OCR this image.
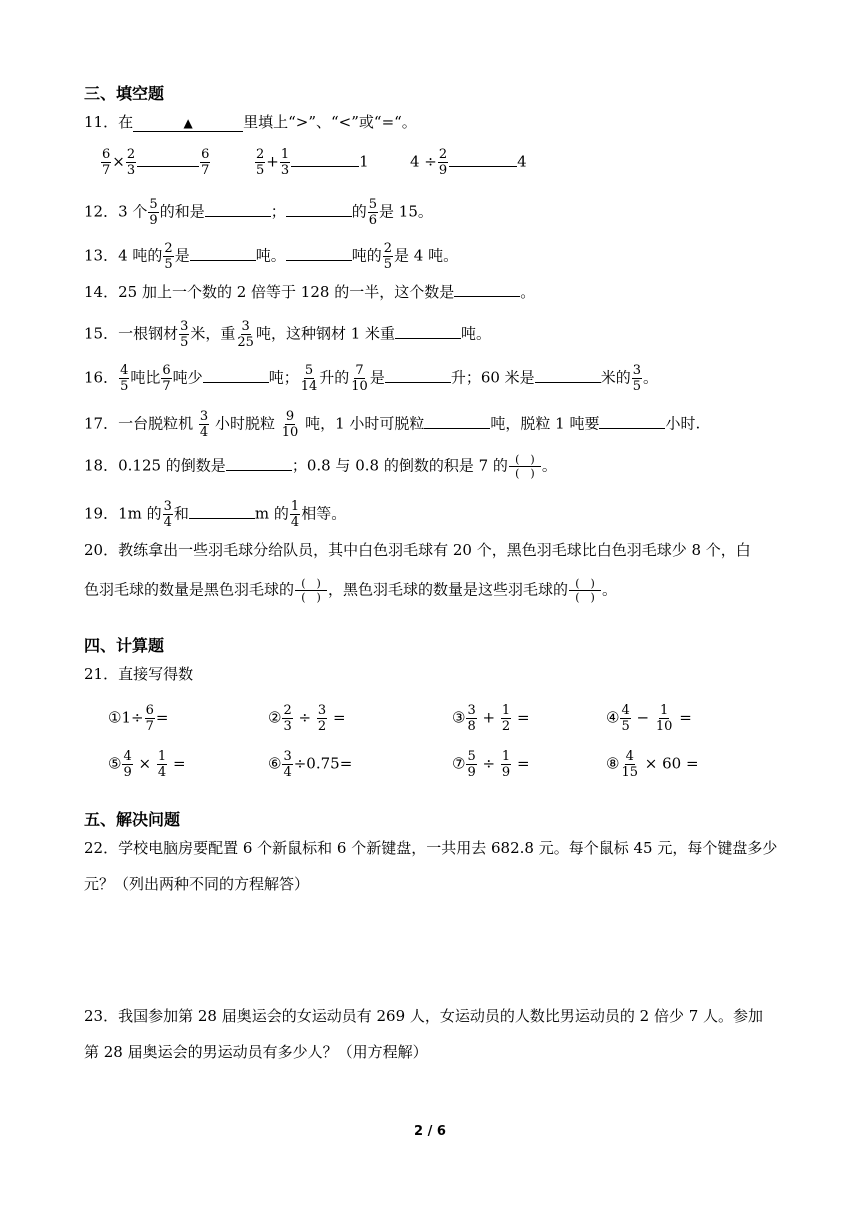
三、填空题
11．在	▲	里填上“>”、“<”或“=“。
$\frac{6}{7} \times \frac{2}{3}$	$\frac{6}{7}$	$\frac{2}{5} + \frac{1}{3}$	1	$4 \div \frac{2}{9}$	4
12．3 个 $\frac{5}{9}$ 的和是	；	的 $\frac{5}{6}$ 是 15。
13．4 吨的 $\frac{2}{5}$ 是	吨。	吨的 $\frac{2}{5}$ 是 4 吨。
14．25 加上一个数的 2 倍等于 128 的一半，这个数是	。
15．一根钢材 $\frac{3}{5}$ 米，重 $\frac{3}{25}$ 吨，这种钢材 1 米重	吨。
16． $\frac{4}{5}$ 吨比 $\frac{6}{7}$ 吨少	吨； $\frac{5}{14}$ 升的 $\frac{7}{10}$ 是	升；60 米是	米的 $\frac{3}{5}$ 。
17．一台脱粒机 $\frac{3}{4}$ 小时脱粒 $\frac{9}{10}$ 吨，1 小时可脱粒	吨，脱粒 1 吨要	小时.
18．0.125 的倒数是	；0.8 与 0.8 的倒数的积是 7 的 (　)
(　) 。
19．1m 的 $\frac{3}{4}$ 和	m 的 $\frac{1}{4}$ 相等。
20．教练拿出一些羽毛球分给队员，其中白色羽毛球有 20 个，黑色羽毛球比白色羽毛球少 8 个，白
色羽毛球的数量是黑色羽毛球的 (　)
(　) ，黑色羽毛球的数量是这些羽毛球的 (　)
(　) 。
四、计算题
21．直接写得数
①1÷ $\frac{6}{7}$ =	② $\frac{2}{3} \div \frac{3}{2}$ =	③ $\frac{3}{8} + \frac{1}{2}$ =	④ $\frac{4}{5} - \frac{1}{10}$ =
⑤ $\frac{4}{9} \times \frac{1}{4}$ =	⑥ $\frac{3}{4} \div 0.75=$	⑦ $\frac{5}{9} \div \frac{1}{9}$ =	⑧ $\frac{4}{15} \times 60$ =
五、解决问题
22．学校电脑房要配置 6 个新鼠标和 6 个新键盘，一共用去 682.8 元。每个鼠标 45 元，每个键盘多少
元？（列出两种不同的方程解答）
23．我国参加第 28 届奥运会的女运动员有 269 人，女运动员的人数比男运动员的 2 倍少 7 人。参加
第 28 届奥运会的男运动员有多少人？（用方程解）
2 / 6
